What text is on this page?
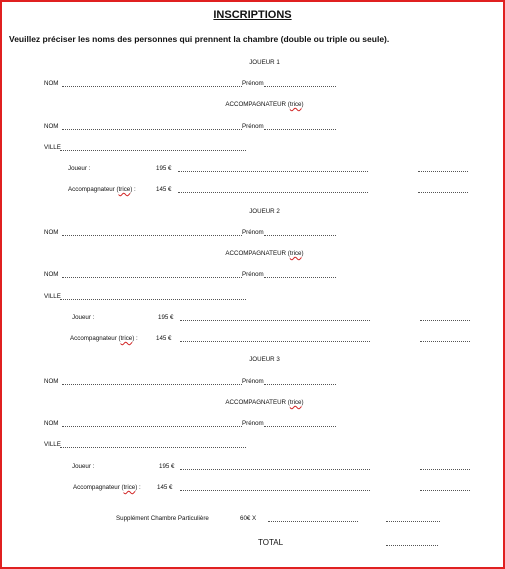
INSCRIPTIONS
Veuillez préciser les noms des personnes qui prennent la chambre (double ou triple ou seule).
JOUEUR 1
NOM	Prénom
ACCOMPAGNATEUR (trice)
NOM	Prénom
VILLE
Joueur :	195 €
Accompagnateur (trice) :	145 €
JOUEUR 2
NOM	Prénom
ACCOMPAGNATEUR (trice)
NOM	Prénom
VILLE
Joueur :	195 €
Accompagnateur (trice) :	145 €
JOUEUR 3
NOM	Prénom
ACCOMPAGNATEUR (trice)
NOM	Prénom
VILLE
Joueur :	195 €
Accompagnateur (trice) :	145 €
Supplément Chambre Particulière	60€ X
TOTAL
